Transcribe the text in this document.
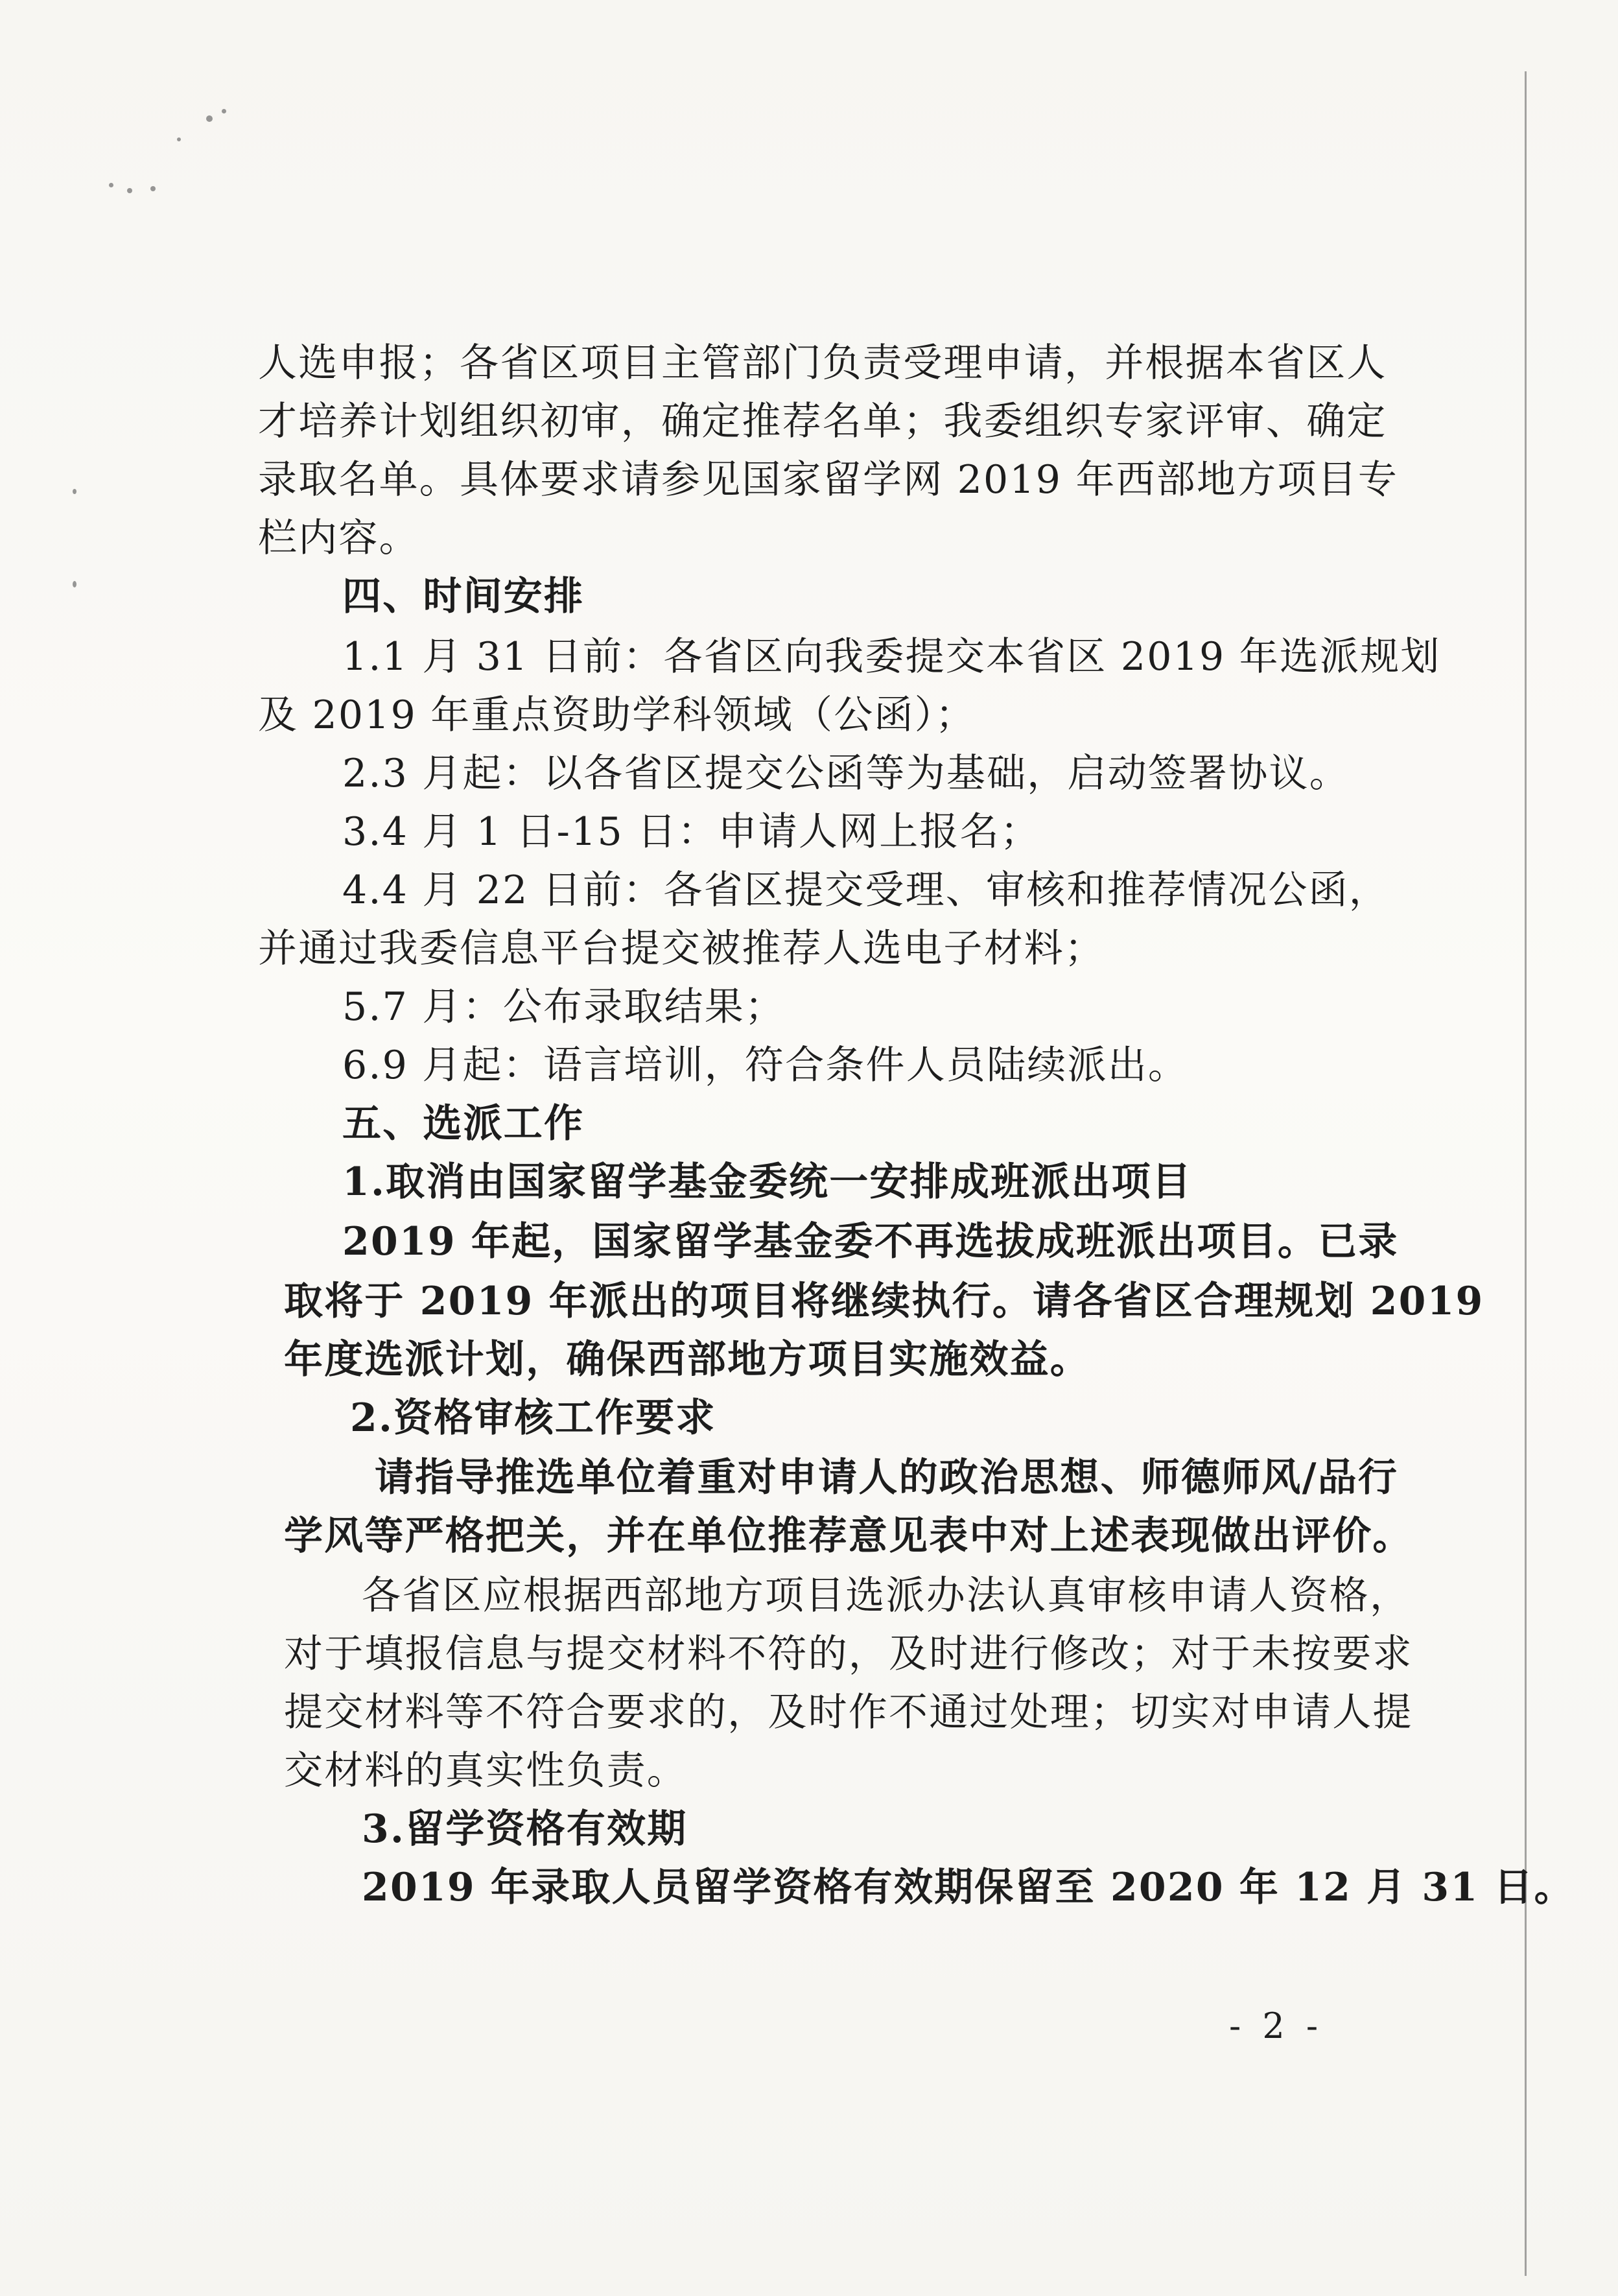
人选申报；各省区项目主管部门负责受理申请，并根据本省区人
才培养计划组织初审，确定推荐名单；我委组织专家评审、确定
录取名单。具体要求请参见国家留学网 2019 年西部地方项目专
栏内容。
四、时间安排
1.1 月 31 日前：各省区向我委提交本省区 2019 年选派规划
及 2019 年重点资助学科领域（公函）；
2.3 月起：以各省区提交公函等为基础，启动签署协议。
3.4 月 1 日-15 日：申请人网上报名；
4.4 月 22 日前：各省区提交受理、审核和推荐情况公函，
并通过我委信息平台提交被推荐人选电子材料；
5.7 月：公布录取结果；
6.9 月起：语言培训，符合条件人员陆续派出。
五、选派工作
1.取消由国家留学基金委统一安排成班派出项目
2019 年起，国家留学基金委不再选拔成班派出项目。已录
取将于 2019 年派出的项目将继续执行。请各省区合理规划 2019
年度选派计划，确保西部地方项目实施效益。
2.资格审核工作要求
请指导推选单位着重对申请人的政治思想、师德师风/品行
学风等严格把关，并在单位推荐意见表中对上述表现做出评价。
各省区应根据西部地方项目选派办法认真审核申请人资格，
对于填报信息与提交材料不符的，及时进行修改；对于未按要求
提交材料等不符合要求的，及时作不通过处理；切实对申请人提
交材料的真实性负责。
3.留学资格有效期
2019 年录取人员留学资格有效期保留至 2020 年 12 月 31 日。
- 2 -
